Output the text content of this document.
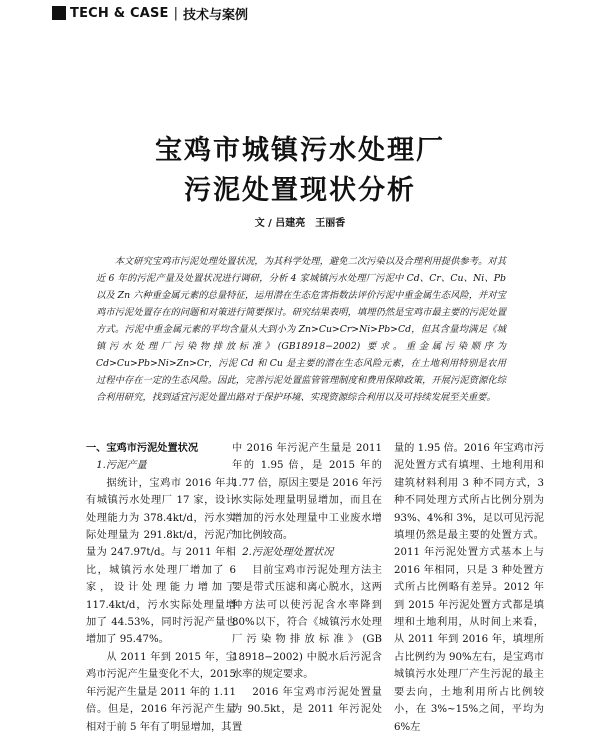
TECH & CASE | 技术与案例
宝鸡市城镇污水处理厂
污泥处置现状分析
文 / 吕建亮　王丽香

本文研究宝鸡市污泥处理处置状况，为其科学处理，避免二次污染以及合理利用提供参考。对其近 6 年的污泥产量及处置状况进行调研，分析 4 家城镇污水处理厂污泥中 Cd、Cr、Cu、Ni、Pb 以及 Zn 六种重金属元素的总量特征，运用潜在生态危害指数法评价污泥中重金属生态风险，并对宝鸡市污泥处置存在的问题和对策进行简要探讨。研究结果表明，填埋仍然是宝鸡市最主要的污泥处置方式。污泥中重金属元素的平均含量从大到小为 Zn>Cu>Cr>Ni>Pb>Cd，但其含量均满足《城镇污水处理厂污染物排放标准》(GB18918−2002) 要求。重金属污染顺序为 Cd>Cu>Pb>Ni>Zn>Cr，污泥 Cd 和 Cu 是主要的潜在生态风险元素，在土地利用特别是农用过程中存在一定的生态风险。因此，完善污泥处置监管管理制度和费用保障政策，开展污泥资源化综合利用研究，找到适宜污泥处置出路对于保护环境、实现资源综合利用以及可持续发展至关重要。

一、宝鸡市污泥处置状况

1.污泥产量

据统计，宝鸡市 2016 年共有城镇污水处理厂 17 家，设计处理能力为 378.4kt/d，污水实际处理量为 291.8kt/d，污泥产量为 247.97t/d。与 2011 年相比，城镇污水处理厂增加了 6 家，设计处理能力增加了 117.4kt/d，污水实际处理量增加了 44.53%，同时污泥产量也增加了 95.47%。

从 2011 年到 2015 年，宝鸡市污泥产生量变化不大，2015 年污泥产生量是 2011 年的 1.11 倍。但是，2016 年污泥产生量相对于前 5 年有了明显增加，其

中 2016 年污泥产生量是 2011 年的 1.95 倍，是 2015 年的 1.77 倍，原因主要是 2016 年污水实际处理量明显增加，而且在增加的污水处理量中工业废水增加比例较高。

2.污泥处理处置状况

目前宝鸡市污泥处理方法主要是带式压滤和离心脱水，这两种方法可以使污泥含水率降到 80%以下，符合《城镇污水处理厂污染物排放标准》(GB 18918−2002) 中脱水后污泥含水率的规定要求。

2016 年宝鸡市污泥处置量为 90.5kt，是 2011 年污泥处置

量的 1.95 倍。2016 年宝鸡市污泥处置方式有填埋、土地利用和建筑材料利用 3 种不同方式，3 种不同处理方式所占比例分别为 93%、4%和 3%，足以可见污泥填埋仍然是最主要的处置方式。2011 年污泥处置方式基本上与 2016 年相同，只是 3 种处置方式所占比例略有差异。2012 年到 2015 年污泥处置方式都是填埋和土地利用，从时间上来看，从 2011 年到 2016 年，填埋所占比例约为 90%左右，是宝鸡市城镇污水处理厂产生污泥的最主要去向，土地利用所占比例较小，在 3%~15%之间，平均为 6%左
